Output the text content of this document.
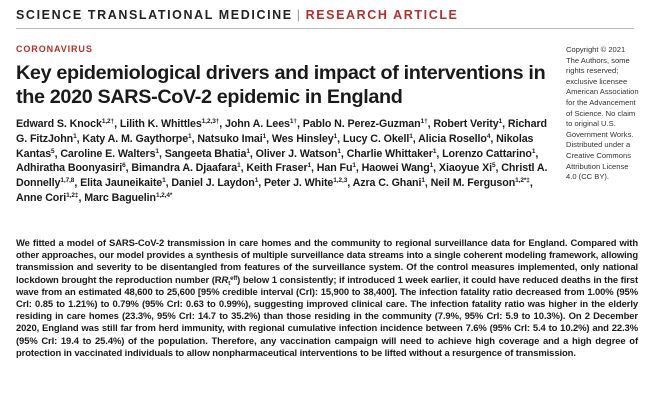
SCIENCE TRANSLATIONAL MEDICINE | RESEARCH ARTICLE
CORONAVIRUS
Key epidemiological drivers and impact of interventions in the 2020 SARS-CoV-2 epidemic in England
Edward S. Knock$^{1,2\dagger}$, Lilith K. Whittles$^{1,2,3\dagger}$, John A. Lees$^{1\dagger}$, Pablo N. Perez-Guzman$^{1\dagger}$, Robert Verity$^1$, Richard G. FitzJohn$^1$, Katy A. M. Gaythorpe$^1$, Natsuko Imai$^1$, Wes Hinsley$^1$, Lucy C. Okell$^1$, Alicia Rosello$^4$, Nikolas Kantas$^5$, Caroline E. Walters$^1$, Sangeeta Bhatia$^1$, Oliver J. Watson$^1$, Charlie Whittaker$^1$, Lorenzo Cattarino$^1$, Adhiratha Boonyasiri$^6$, Bimandra A. Djaafara$^1$, Keith Fraser$^1$, Han Fu$^1$, Haowei Wang$^1$, Xiaoyue Xi$^5$, Christl A. Donnelly$^{1,7,8}$, Elita Jauneikaite$^1$, Daniel J. Laydon$^1$, Peter J. White$^{1,2,3}$, Azra C. Ghani$^1$, Neil M. Ferguson$^{1,2*\ddagger}$, Anne Cori$^{1,2\ddagger}$, Marc Baguelin$^{1,2,4*}$
Copyright © 2021
The Authors, some
rights reserved;
exclusive licensee
American Association
for the Advancement
of Science. No claim
to original U.S.
Government Works.
Distributed under a
Creative Commons
Attribution License
4.0 (CC BY).

We fitted a model of SARS-CoV-2 transmission in care homes and the community to regional surveillance data for England. Compared with other approaches, our model provides a synthesis of multiple surveillance data streams into a single coherent modeling framework, allowing transmission and severity to be disentangled from features of the surveillance system. Of the control measures implemented, only national lockdown brought the reproduction number $(RR_t^{eff})$ below 1 consistently; if introduced 1 week earlier, it could have reduced deaths in the first wave from an estimated 48,600 to 25,600 [95% credible interval (CrI): 15,900 to 38,400]. The infection fatality ratio decreased from 1.00% (95% CrI: 0.85 to 1.21%) to 0.79% (95% CrI: 0.63 to 0.99%), suggesting improved clinical care. The infection fatality ratio was higher in the elderly residing in care homes (23.3%, 95% CrI: 14.7 to 35.2%) than those residing in the community (7.9%, 95% CrI: 5.9 to 10.3%). On 2 December 2020, England was still far from herd immunity, with regional cumulative infection incidence between 7.6% (95% CrI: 5.4 to 10.2%) and 22.3% (95% CrI: 19.4 to 25.4%) of the population. Therefore, any vaccination campaign will need to achieve high coverage and a high degree of protection in vaccinated individuals to allow nonpharmaceutical interventions to be lifted without a resurgence of transmission.
